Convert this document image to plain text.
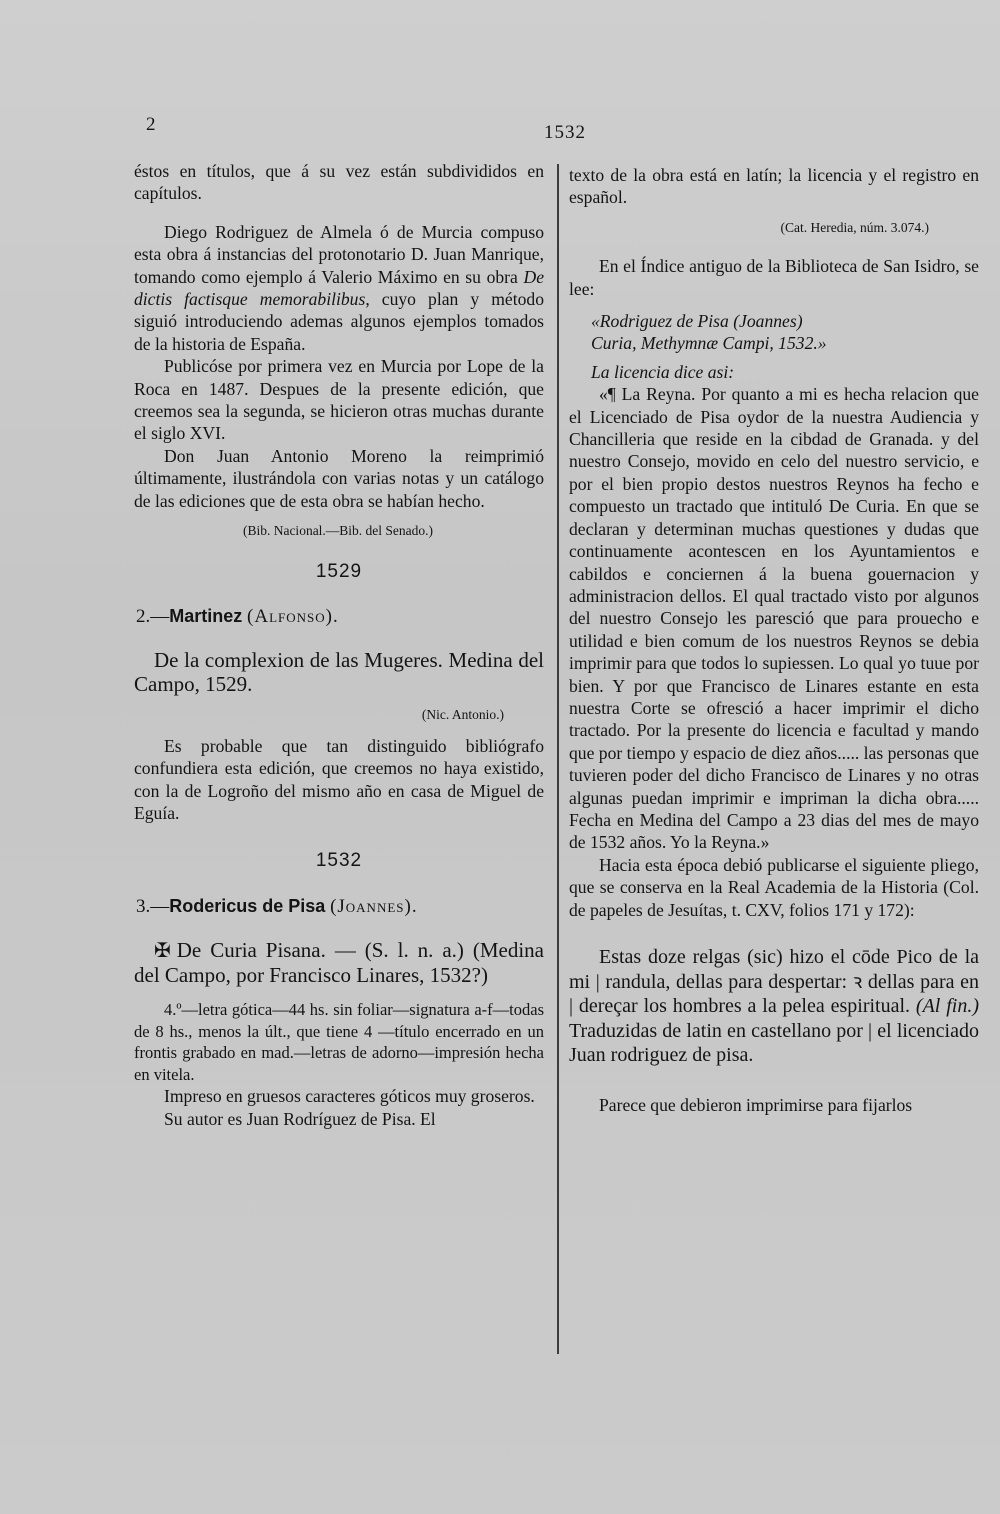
2	1532

éstos en títulos, que á su vez están subdivididos en capítulos.

Diego Rodriguez de Almela ó de Murcia compuso esta obra á instancias del protonotario D. Juan Manrique, tomando como ejemplo á Valerio Máximo en su obra De dictis factisque memorabilibus, cuyo plan y método siguió introduciendo ademas algunos ejemplos tomados de la historia de España.

Publicóse por primera vez en Murcia por Lope de la Roca en 1487. Despues de la presente edición, que creemos sea la segunda, se hicieron otras muchas durante el siglo XVI.

Don Juan Antonio Moreno la reimprimió últimamente, ilustrándola con varias notas y un catálogo de las ediciones que de esta obra se habían hecho.

(Bib. Nacional.—Bib. del Senado.)
1529
2.—Martinez (Alfonso).

De la complexion de las Mugeres. Medina del Campo, 1529.

(Nic. Antonio.)

Es probable que tan distinguido bibliógrafo confundiera esta edición, que creemos no haya existido, con la de Logroño del mismo año en casa de Miguel de Eguía.

1532
3.—Rodericus de Pisa (Joannes).

✠ De Curia Pisana. — (S. l. n. a.) (Medina del Campo, por Francisco Linares, 1532?)

4.º—letra gótica—44 hs. sin foliar—signatura a-f—todas de 8 hs., menos la últ., que tiene 4 —título encerrado en un frontis grabado en mad.—letras de adorno—impresión hecha en vitela.

Impreso en gruesos caracteres góticos muy groseros.

Su autor es Juan Rodríguez de Pisa. El

texto de la obra está en latín; la licencia y el registro en español.

(Cat. Heredia, núm. 3.074.)

En el Índice antiguo de la Biblioteca de San Isidro, se lee:

«Rodriguez de Pisa (Joannes)

Curia, Methymnæ Campi, 1532.»

La licencia dice asi:

«¶ La Reyna. Por quanto a mi es hecha relacion que el Licenciado de Pisa oydor de la nuestra Audiencia y Chancilleria que reside en la cibdad de Granada. y del nuestro Consejo, movido en celo del nuestro servicio, e por el bien propio destos nuestros Reynos ha fecho e compuesto un tractado que intituló De Curia. En que se declaran y determinan muchas questiones y dudas que continuamente acontescen en los Ayuntamientos e cabildos e conciernen á la buena gouernacion y administracion dellos. El qual tractado visto por algunos del nuestro Consejo les paresció que para prouecho e utilidad e bien comum de los nuestros Reynos se debia imprimir para que todos lo supiessen. Lo qual yo tuue por bien. Y por que Francisco de Linares estante en esta nuestra Corte se ofresció a hacer imprimir el dicho tractado. Por la presente do licencia e facultad y mando que por tiempo y espacio de diez años..... las personas que tuvieren poder del dicho Francisco de Linares y no otras algunas puedan imprimir e impriman la dicha obra..... Fecha en Medina del Campo a 23 dias del mes de mayo de 1532 años. Yo la Reyna.»

Hacia esta época debió publicarse el siguiente pliego, que se conserva en la Real Academia de la Historia (Col. de papeles de Jesuítas, t. CXV, folios 171 y 172):

Estas doze relgas (sic) hizo el cōde Pico de la mi | randula, dellas para despertar: ꝛ dellas para en | dereçar los hombres a la pelea espiritual. (Al fin.) Traduzidas de latin en castellano por | el licenciado Juan rodriguez de pisa.

Parece que debieron imprimirse para fijarlos
